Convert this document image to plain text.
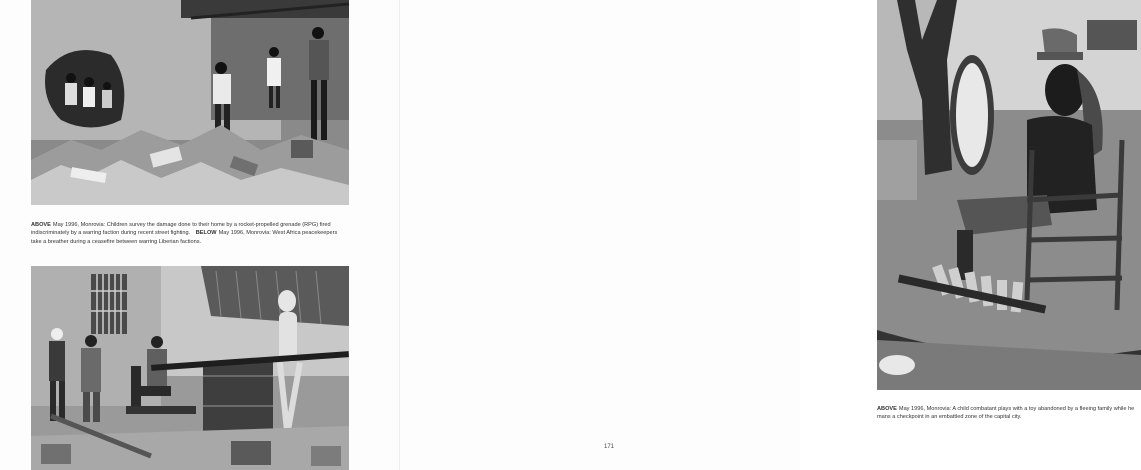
ABOVE May 1996, Monrovia: Children survey the damage done to their home by a rocket-propelled grenade (RPG) fired indiscriminately by a warring faction during recent street fighting. BELOW May 1996, Monrovia: West Africa peacekeepers take a breather during a ceasefire between warring Liberian factions.
ABOVE May 1996, Monrovia: A child combatant plays with a toy abandoned by a fleeing family while he mans a checkpoint in an embattled zone of the capital city.
171
